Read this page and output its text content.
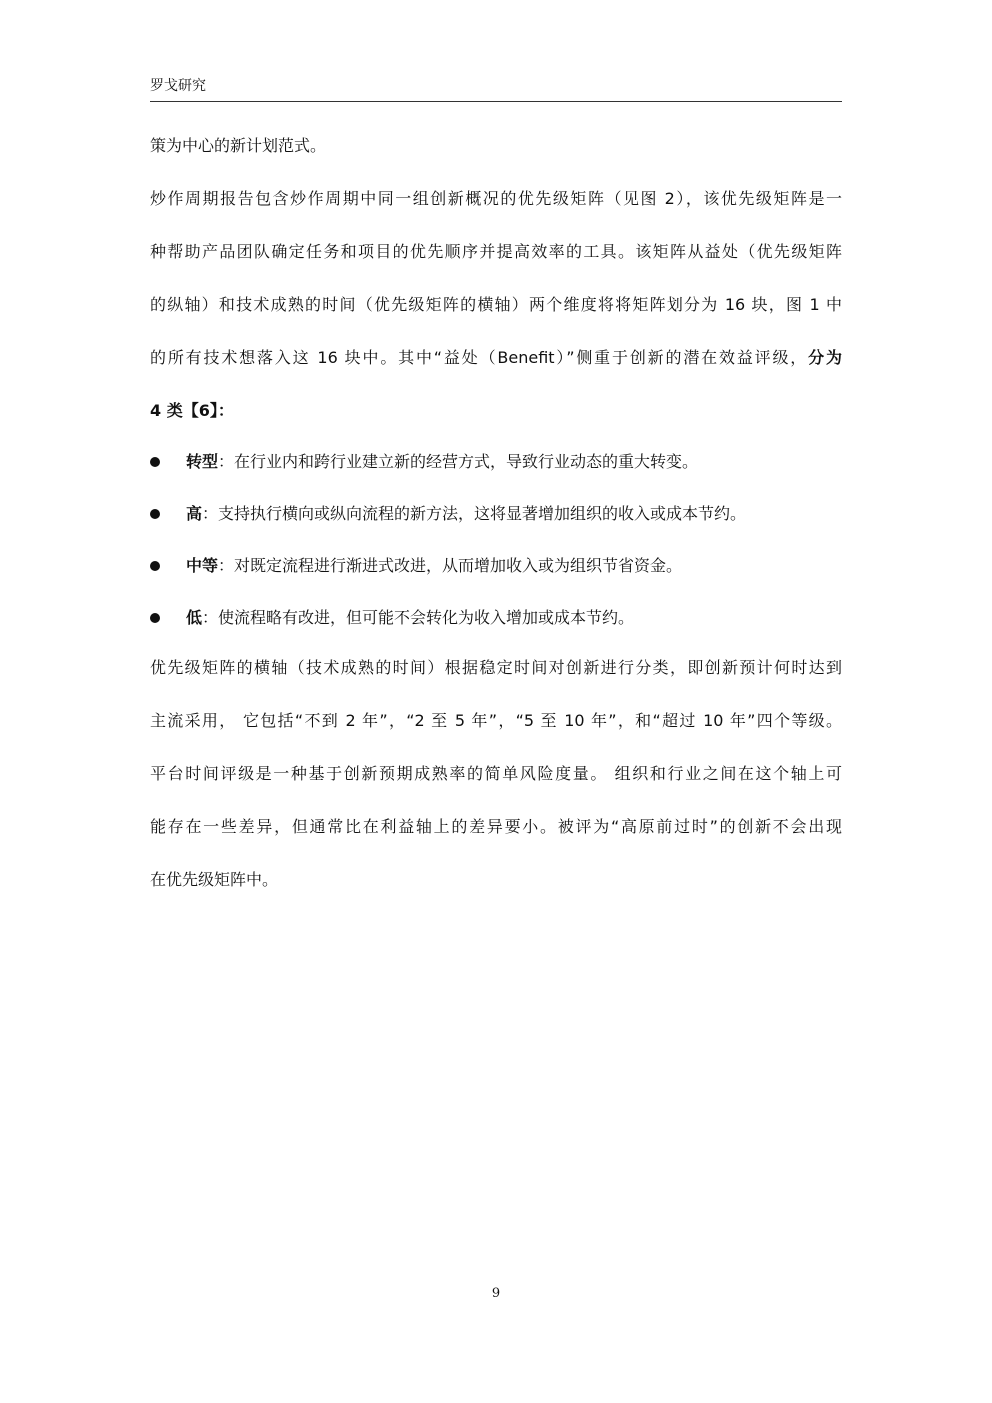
罗戈研究
策为中心的新计划范式。
炒作周期报告包含炒作周期中同一组创新概况的优先级矩阵（见图 2），该优先级矩阵是一
种帮助产品团队确定任务和项目的优先顺序并提高效率的工具。该矩阵从益处（优先级矩阵
的纵轴）和技术成熟的时间（优先级矩阵的横轴）两个维度将将矩阵划分为 16 块，图 1 中
的所有技术想落入这 16 块中。其中“益处（Benefit）”侧重于创新的潜在效益评级，分为
4 类【6】：
转型：在行业内和跨行业建立新的经营方式，导致行业动态的重大转变。
高：支持执行横向或纵向流程的新方法，这将显著增加组织的收入或成本节约。
中等：对既定流程进行渐进式改进，从而增加收入或为组织节省资金。
低：使流程略有改进，但可能不会转化为收入增加或成本节约。
优先级矩阵的横轴（技术成熟的时间）根据稳定时间对创新进行分类，即创新预计何时达到
主流采用， 它包括“不到 2 年”，“2 至 5 年”，“5 至 10 年”，和“超过 10 年”四个等级。
平台时间评级是一种基于创新预期成熟率的简单风险度量。 组织和行业之间在这个轴上可
能存在一些差异，但通常比在利益轴上的差异要小。被评为“高原前过时”的创新不会出现
在优先级矩阵中。
9
